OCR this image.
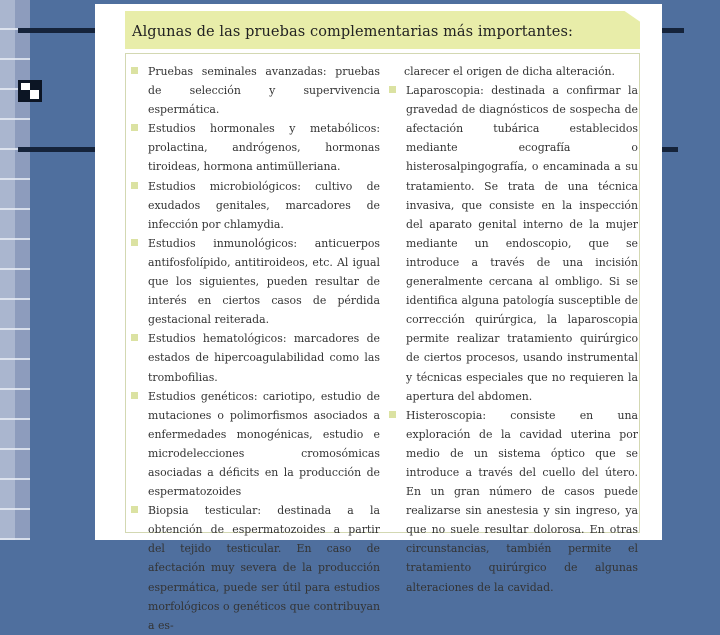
Algunas de las pruebas complementarias más importantes:
Pruebas seminales avanzadas: pruebas de selección y supervivencia espermática.
Estudios hormonales y metabólicos: prolactina, andrógenos, hormonas tiroideas, hormona antimülleriana.
Estudios microbiológicos: cultivo de exudados genitales, marcadores de infección por chlamydia.
Estudios inmunológicos: anticuerpos antifosfolípido, antitiroideos, etc. Al igual que los siguientes, pueden resultar de interés en ciertos casos de pérdida gestacional reiterada.
Estudios hematológicos: marcadores de estados de hipercoagulabilidad como las trombofilias.
Estudios genéticos: cariotipo, estudio de mutaciones o polimorfismos asociados a enfermedades monogénicas, estudio e microdelecciones cromosómicas asociadas a déficits en la producción de espermatozoides
Biopsia testicular: destinada a la obtención de espermatozoides a partir del tejido testicular. En caso de afectación muy severa de la producción espermática, puede ser útil para estudios morfológicos o genéticos que contribuyan a es-
clarecer el origen de dicha alteración.
Laparoscopia: destinada a confirmar la gravedad de diagnósticos de sospecha de afectación tubárica establecidos mediante ecografía o histerosalpingografía, o encaminada a su tratamiento. Se trata de una técnica invasiva, que consiste en la inspección del aparato genital interno de la mujer mediante un endoscopio, que se introduce a través de una incisión generalmente cercana al ombligo. Si se identifica alguna patología susceptible de corrección quirúrgica, la laparoscopia permite realizar tratamiento quirúrgico de ciertos procesos, usando instrumental y técnicas especiales que no requieren la apertura del abdomen.
Histeroscopia: consiste en una exploración de la cavidad uterina por medio de un sistema óptico que se introduce a través del cuello del útero. En un gran número de casos puede realizarse sin anestesia y sin ingreso, ya que no suele resultar dolorosa. En otras circunstancias, también permite el tratamiento quirúrgico de algunas alteraciones de la cavidad.
